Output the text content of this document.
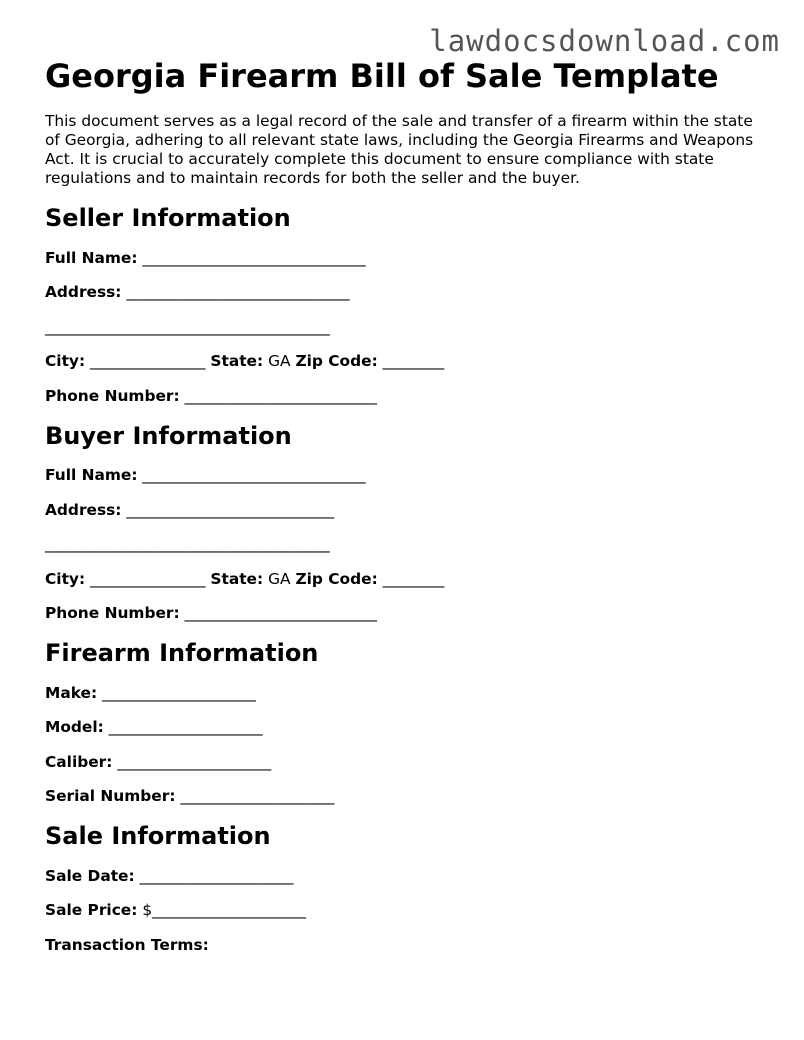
lawdocsdownload.com
Georgia Firearm Bill of Sale Template

This document serves as a legal record of the sale and transfer of a firearm within the state of Georgia, adhering to all relevant state laws, including the Georgia Firearms and Weapons Act. It is crucial to accurately complete this document to ensure compliance with state regulations and to maintain records for both the seller and the buyer.

Seller Information
Full Name: _____________________________
Address: _____________________________
_____________________________________
City: _______________ State: GA Zip Code: ________
Phone Number: _________________________
Buyer Information
Full Name: _____________________________
Address: ___________________________
_____________________________________
City: _______________ State: GA Zip Code: ________
Phone Number: _________________________
Firearm Information
Make: ____________________
Model: ____________________
Caliber: ____________________
Serial Number: ____________________
Sale Information
Sale Date: ____________________
Sale Price: $____________________
Transaction Terms:
